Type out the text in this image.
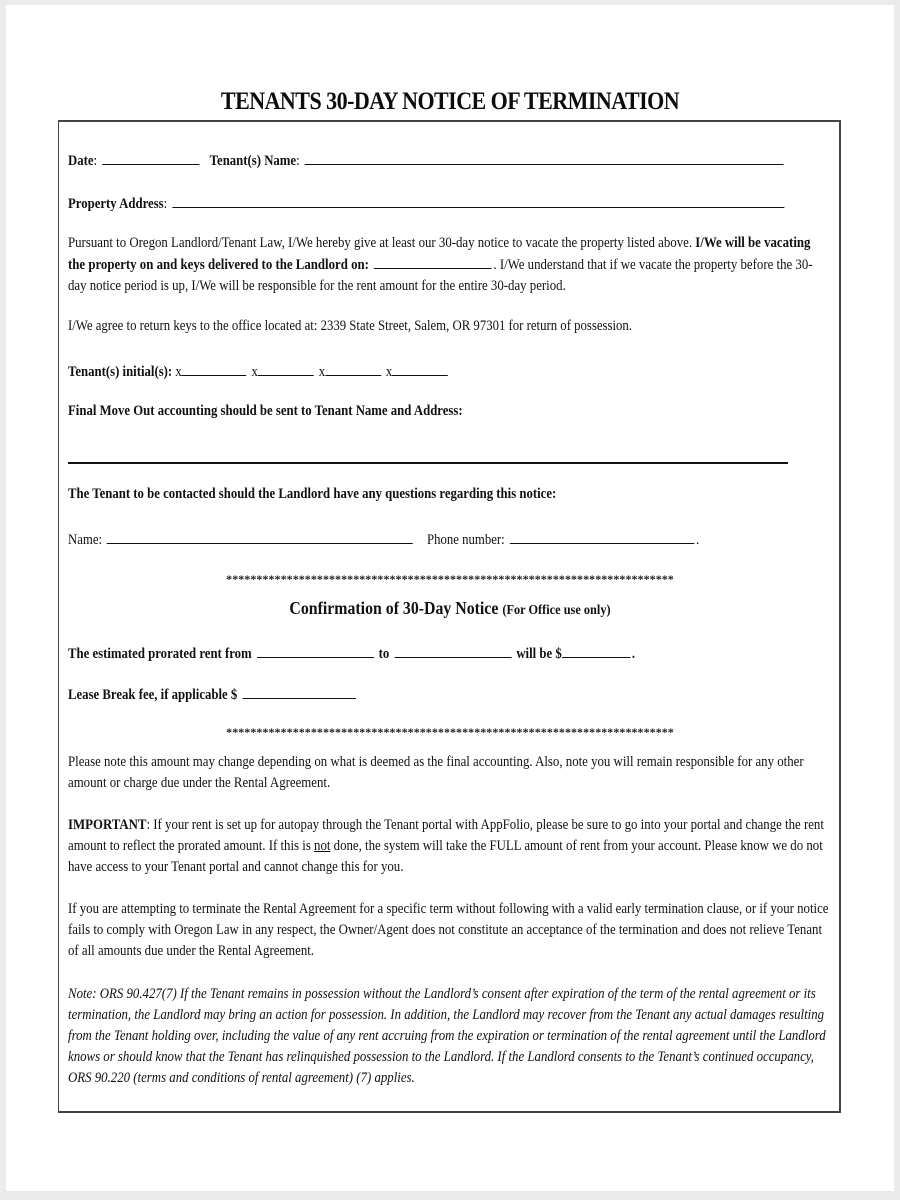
TENANTS 30-DAY NOTICE OF TERMINATION
Date:	Tenant(s) Name:
Property Address:
Pursuant to Oregon Landlord/Tenant Law, I/We hereby give at least our 30-day notice to vacate the property listed above. I/We will be vacating the property on and keys delivered to the Landlord on:	. I/We understand that if we vacate the property before the 30-day notice period is up, I/We will be responsible for the rent amount for the entire 30-day period.
I/We agree to return keys to the office located at: 2339 State Street, Salem, OR 97301 for return of possession.
Tenant(s) initial(s): x	x	x	x
Final Move Out accounting should be sent to Tenant Name and Address:
The Tenant to be contacted should the Landlord have any questions regarding this notice:
Name:	Phone number:	.
**************************************************************************
Confirmation of 30-Day Notice (For Office use only)
The estimated prorated rent from	to	will be $	.
Lease Break fee, if applicable $
**************************************************************************
Please note this amount may change depending on what is deemed as the final accounting. Also, note you will remain responsible for any other amount or charge due under the Rental Agreement.
IMPORTANT: If your rent is set up for autopay through the Tenant portal with AppFolio, please be sure to go into your portal and change the rent amount to reflect the prorated amount. If this is not done, the system will take the FULL amount of rent from your account. Please know we do not have access to your Tenant portal and cannot change this for you.
If you are attempting to terminate the Rental Agreement for a specific term without following with a valid early termination clause, or if your notice fails to comply with Oregon Law in any respect, the Owner/Agent does not constitute an acceptance of the termination and does not relieve Tenant of all amounts due under the Rental Agreement.
Note: ORS 90.427(7) If the Tenant remains in possession without the Landlord’s consent after expiration of the term of the rental agreement or its termination, the Landlord may bring an action for possession. In addition, the Landlord may recover from the Tenant any actual damages resulting from the Tenant holding over, including the value of any rent accruing from the expiration or termination of the rental agreement until the Landlord knows or should know that the Tenant has relinquished possession to the Landlord. If the Landlord consents to the Tenant’s continued occupancy, ORS 90.220 (terms and conditions of rental agreement) (7) applies.
